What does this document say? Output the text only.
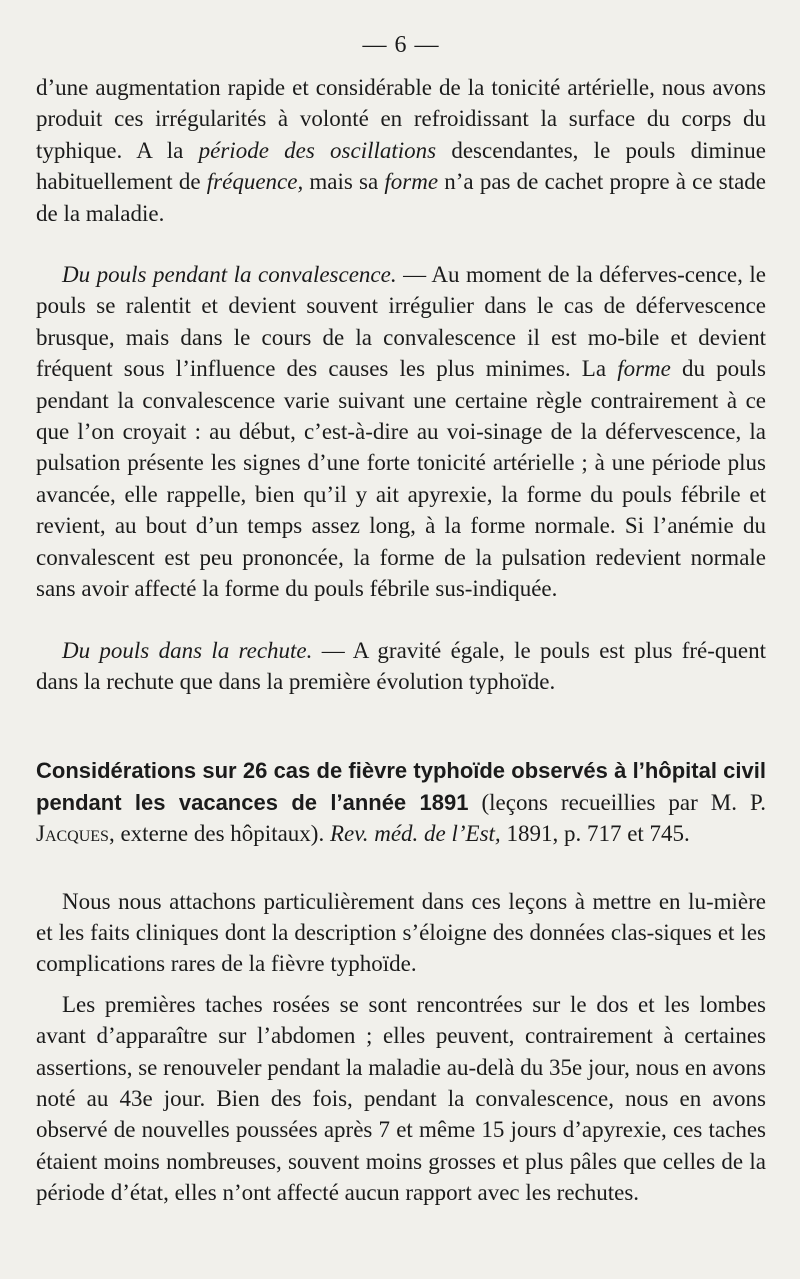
— 6 —

d’une augmentation rapide et considérable de la tonicité artérielle, nous avons produit ces irrégularités à volonté en refroidissant la surface du corps du typhique. A la période des oscillations descendantes, le pouls diminue habituellement de fréquence, mais sa forme n’a pas de cachet propre à ce stade de la maladie.

Du pouls pendant la convalescence. — Au moment de la déferves-cence, le pouls se ralentit et devient souvent irrégulier dans le cas de défervescence brusque, mais dans le cours de la convalescence il est mo-bile et devient fréquent sous l’influence des causes les plus minimes. La forme du pouls pendant la convalescence varie suivant une certaine règle contrairement à ce que l’on croyait : au début, c’est-à-dire au voi-sinage de la défervescence, la pulsation présente les signes d’une forte tonicité artérielle ; à une période plus avancée, elle rappelle, bien qu’il y ait apyrexie, la forme du pouls fébrile et revient, au bout d’un temps assez long, à la forme normale. Si l’anémie du convalescent est peu prononcée, la forme de la pulsation redevient normale sans avoir affecté la forme du pouls fébrile sus-indiquée.

Du pouls dans la rechute. — A gravité égale, le pouls est plus fré-quent dans la rechute que dans la première évolution typhoïde.

Considérations sur 26 cas de fièvre typhoïde observés à l’hôpital civil pendant les vacances de l’année 1891 (leçons recueillies par M. P. Jacques, externe des hôpitaux). Rev. méd. de l’Est, 1891, p. 717 et 745.

Nous nous attachons particulièrement dans ces leçons à mettre en lu-mière et les faits cliniques dont la description s’éloigne des données clas-siques et les complications rares de la fièvre typhoïde.

Les premières taches rosées se sont rencontrées sur le dos et les lombes avant d’apparaître sur l’abdomen ; elles peuvent, contrairement à certaines assertions, se renouveler pendant la maladie au-delà du 35e jour, nous en avons noté au 43e jour. Bien des fois, pendant la convalescence, nous en avons observé de nouvelles poussées après 7 et même 15 jours d’apyrexie, ces taches étaient moins nombreuses, souvent moins grosses et plus pâles que celles de la période d’état, elles n’ont affecté aucun rapport avec les rechutes.
